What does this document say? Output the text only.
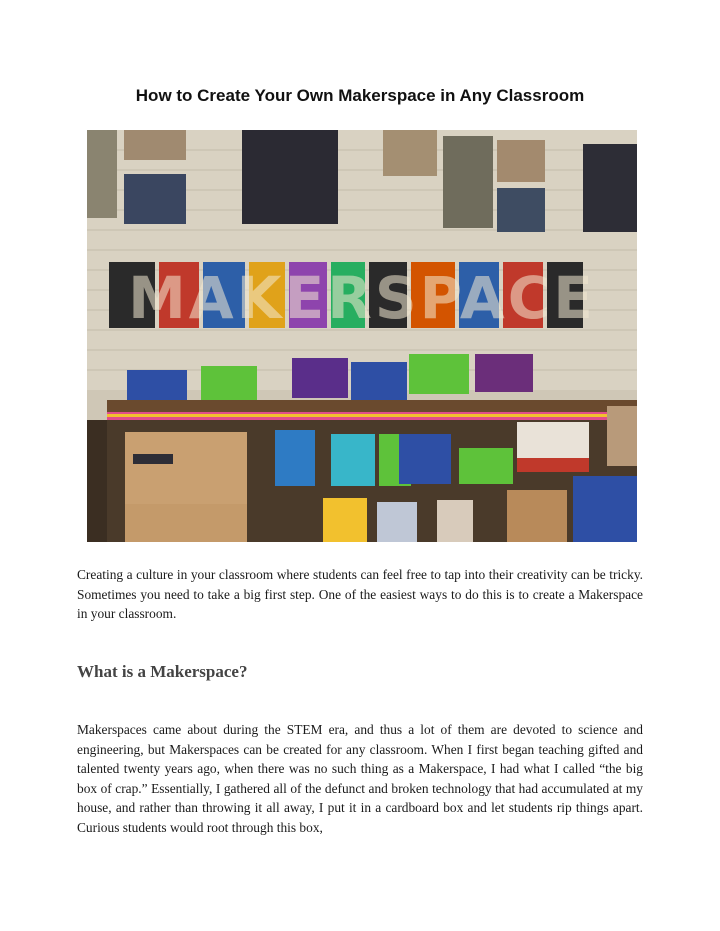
How to Create Your Own Makerspace in Any Classroom
MAKERSPACE

Creating a culture in your classroom where students can feel free to tap into their creativity can be tricky. Sometimes you need to take a big first step. One of the easiest ways to do this is to create a Makerspace in your classroom.

What is a Makerspace?

Makerspaces came about during the STEM era, and thus a lot of them are devoted to science and engineering, but Makerspaces can be created for any classroom. When I first began teaching gifted and talented twenty years ago, when there was no such thing as a Makerspace, I had what I called “the big box of crap.” Essentially, I gathered all of the defunct and broken technology that had accumulated at my house, and rather than throwing it all away, I put it in a cardboard box and let students rip things apart. Curious students would root through this box,
